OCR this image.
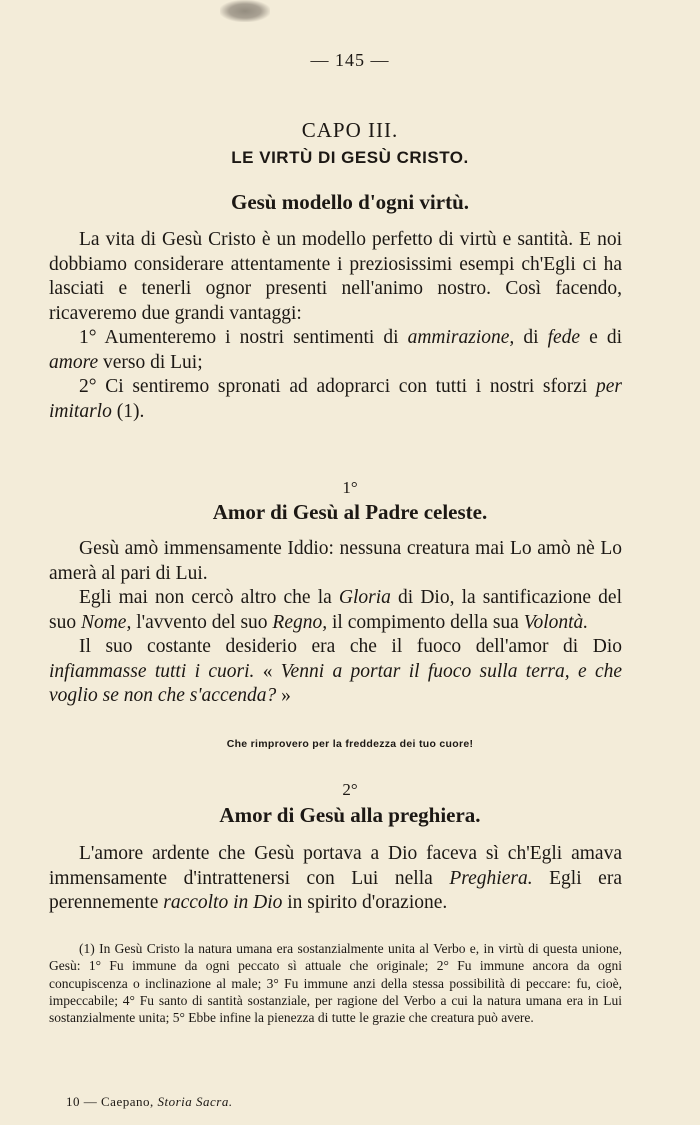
— 145 —
CAPO III.
LE VIRTÙ DI GESÙ CRISTO.
Gesù modello d'ogni virtù.

La vita di Gesù Cristo è un modello perfetto di virtù e santità. E noi dobbiamo considerare attentamente i preziosissimi esempi ch'Egli ci ha lasciati e tenerli ognor presenti nell'animo nostro. Così facendo, ricaveremo due grandi vantaggi:

1° Aumenteremo i nostri sentimenti di ammirazione, di fede e di amore verso di Lui;

2° Ci sentiremo spronati ad adoprarci con tutti i nostri sforzi per imitarlo (1).

1°
Amor di Gesù al Padre celeste.

Gesù amò immensamente Iddio: nessuna creatura mai Lo amò nè Lo amerà al pari di Lui.

Egli mai non cercò altro che la Gloria di Dio, la santificazione del suo Nome, l'avvento del suo Regno, il compimento della sua Volontà.

Il suo costante desiderio era che il fuoco dell'amor di Dio infiammasse tutti i cuori. « Venni a portar il fuoco sulla terra, e che voglio se non che s'accenda? »

Che rimprovero per la freddezza dei tuo cuore!
2°
Amor di Gesù alla preghiera.

L'amore ardente che Gesù portava a Dio faceva sì ch'Egli amava immensamente d'intrattenersi con Lui nella Preghiera. Egli era perennemente raccolto in Dio in spirito d'orazione.

(1) In Gesù Cristo la natura umana era sostanzialmente unita al Verbo e, in virtù di questa unione, Gesù: 1° Fu immune da ogni peccato sì attuale che originale; 2° Fu immune ancora da ogni concupiscenza o inclinazione al male; 3° Fu immune anzi della stessa possibilità di peccare: fu, cioè, impeccabile; 4° Fu santo di santità sostanziale, per ragione del Verbo a cui la natura umana era in Lui sostanzialmente unita; 5° Ebbe infine la pienezza di tutte le grazie che creatura può avere.

10 — Caepano, Storia Sacra.
